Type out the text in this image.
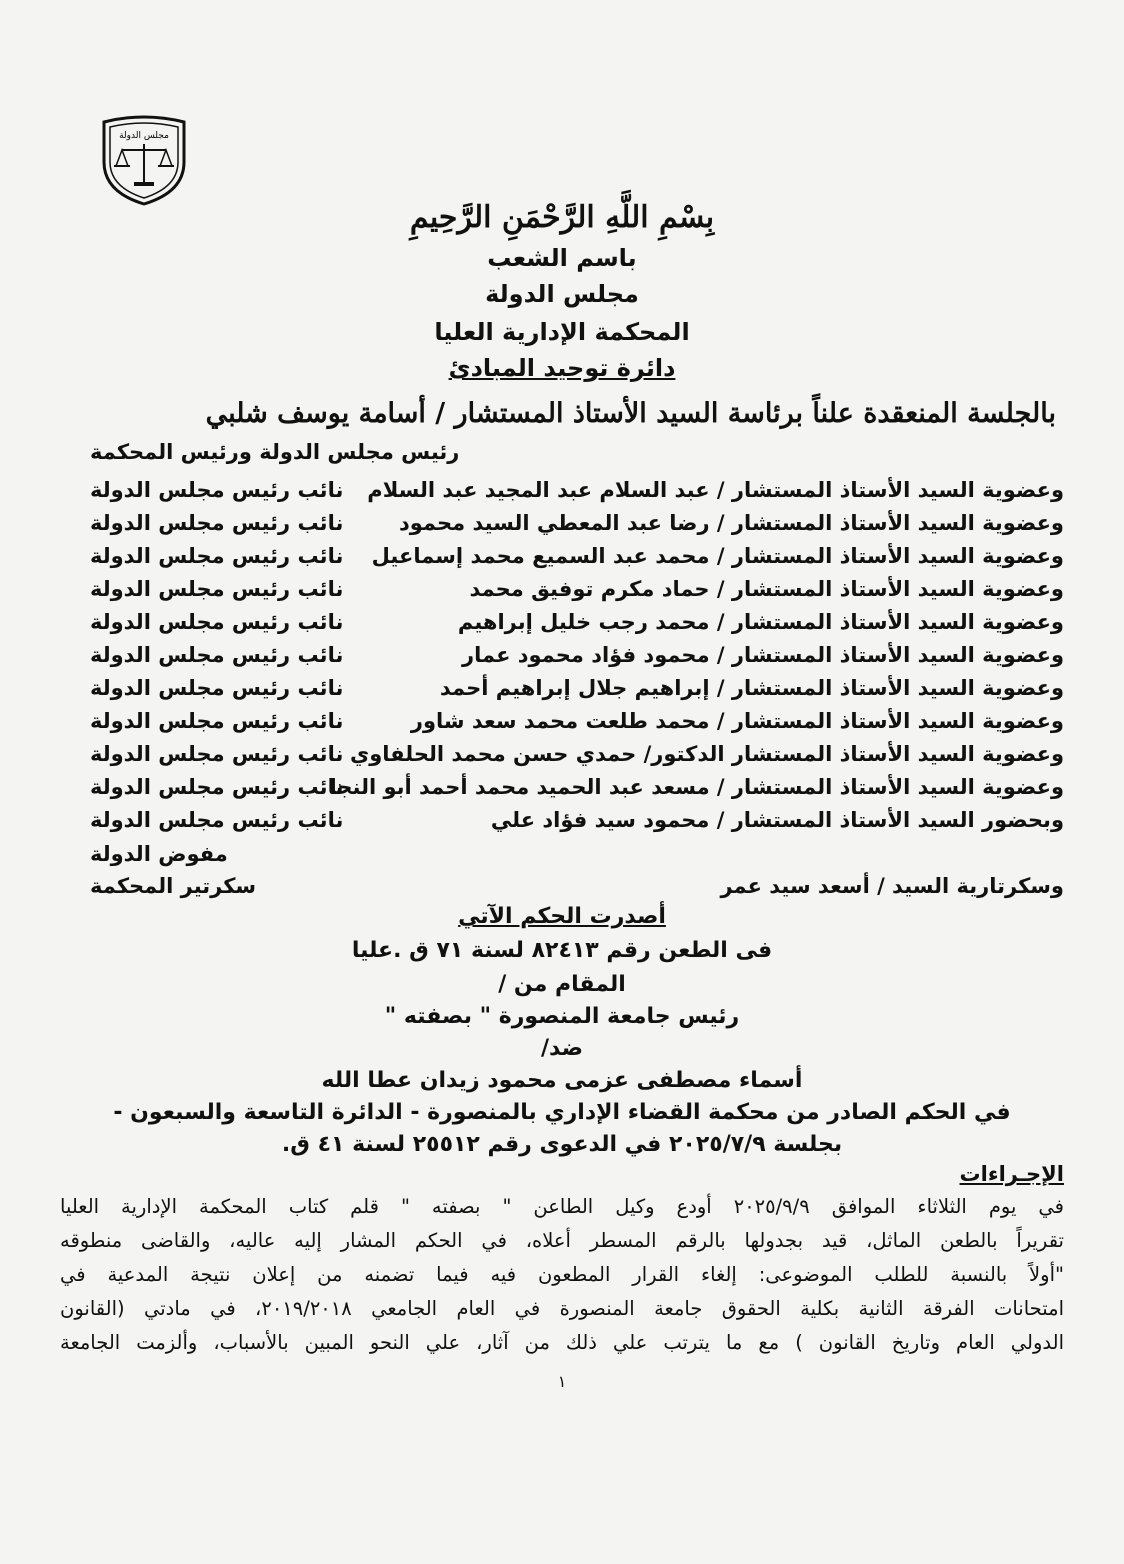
مجلس الدولة
بِسْمِ اللَّهِ الرَّحْمَنِ الرَّحِيمِ
باسم الشعب
مجلس الدولة
المحكمة الإدارية العليا
دائرة توحيد المبادئ
بالجلسة المنعقدة علناً برئاسة السيد الأستاذ المستشار / أسامة يوسف شلبي
رئيس مجلس الدولة ورئيس المحكمة
وعضوية السيد الأستاذ المستشار / عبد السلام عبد المجيد عبد السلام
نائب رئيس مجلس الدولة
وعضوية السيد الأستاذ المستشار / رضا عبد المعطي السيد محمود
نائب رئيس مجلس الدولة
وعضوية السيد الأستاذ المستشار / محمد عبد السميع محمد إسماعيل
نائب رئيس مجلس الدولة
وعضوية السيد الأستاذ المستشار / حماد مكرم توفيق محمد
نائب رئيس مجلس الدولة
وعضوية السيد الأستاذ المستشار / محمد رجب خليل إبراهيم
نائب رئيس مجلس الدولة
وعضوية السيد الأستاذ المستشار / محمود فؤاد محمود عمار
نائب رئيس مجلس الدولة
وعضوية السيد الأستاذ المستشار / إبراهيم جلال إبراهيم أحمد
نائب رئيس مجلس الدولة
وعضوية السيد الأستاذ المستشار / محمد طلعت محمد سعد شاور
نائب رئيس مجلس الدولة
وعضوية السيد الأستاذ المستشار الدكتور/ حمدي حسن محمد الحلفاوي
نائب رئيس مجلس الدولة
وعضوية السيد الأستاذ المستشار / مسعد عبد الحميد محمد أحمد أبو النجا
نائب رئيس مجلس الدولة
وبحضور السيد الأستاذ المستشار / محمود سيد فؤاد علي
نائب رئيس مجلس الدولة
مفوض الدولة
وسكرتارية السيد / أسعد سيد عمر
سكرتير المحكمة
أصدرت الحكم الآتي
فى الطعن رقم ٨٢٤١٣ لسنة ٧١ ق .عليا
المقام من /
رئيس جامعة المنصورة " بصفته "
ضد/
أسماء مصطفى عزمى محمود زيدان عطا الله
في الحكم الصادر من محكمة القضاء الإداري بالمنصورة - الدائرة التاسعة والسبعون -
بجلسة ٢٠٢٥/٧/٩ في الدعوى رقم ٢٥٥١٢ لسنة ٤١ ق.
الإجـراءات

في يوم الثلاثاء الموافق ٢٠٢٥/٩/٩ أودع وكيل الطاعن " بصفته " قلم كتاب المحكمة الإدارية العليا

تقريراً بالطعن الماثل، قيد بجدولها بالرقم المسطر أعلاه، في الحكم المشار إليه عاليه، والقاضى منطوقه

"أولاً بالنسبة للطلب الموضوعى: إلغاء القرار المطعون فيه فيما تضمنه من إعلان نتيجة المدعية في

امتحانات الفرقة الثانية بكلية الحقوق جامعة المنصورة في العام الجامعي ٢٠١٩/٢٠١٨، في مادتي (القانون

الدولي العام وتاريخ القانون ) مع ما يترتب علي ذلك من آثار، علي النحو المبين بالأسباب، وألزمت الجامعة

١
